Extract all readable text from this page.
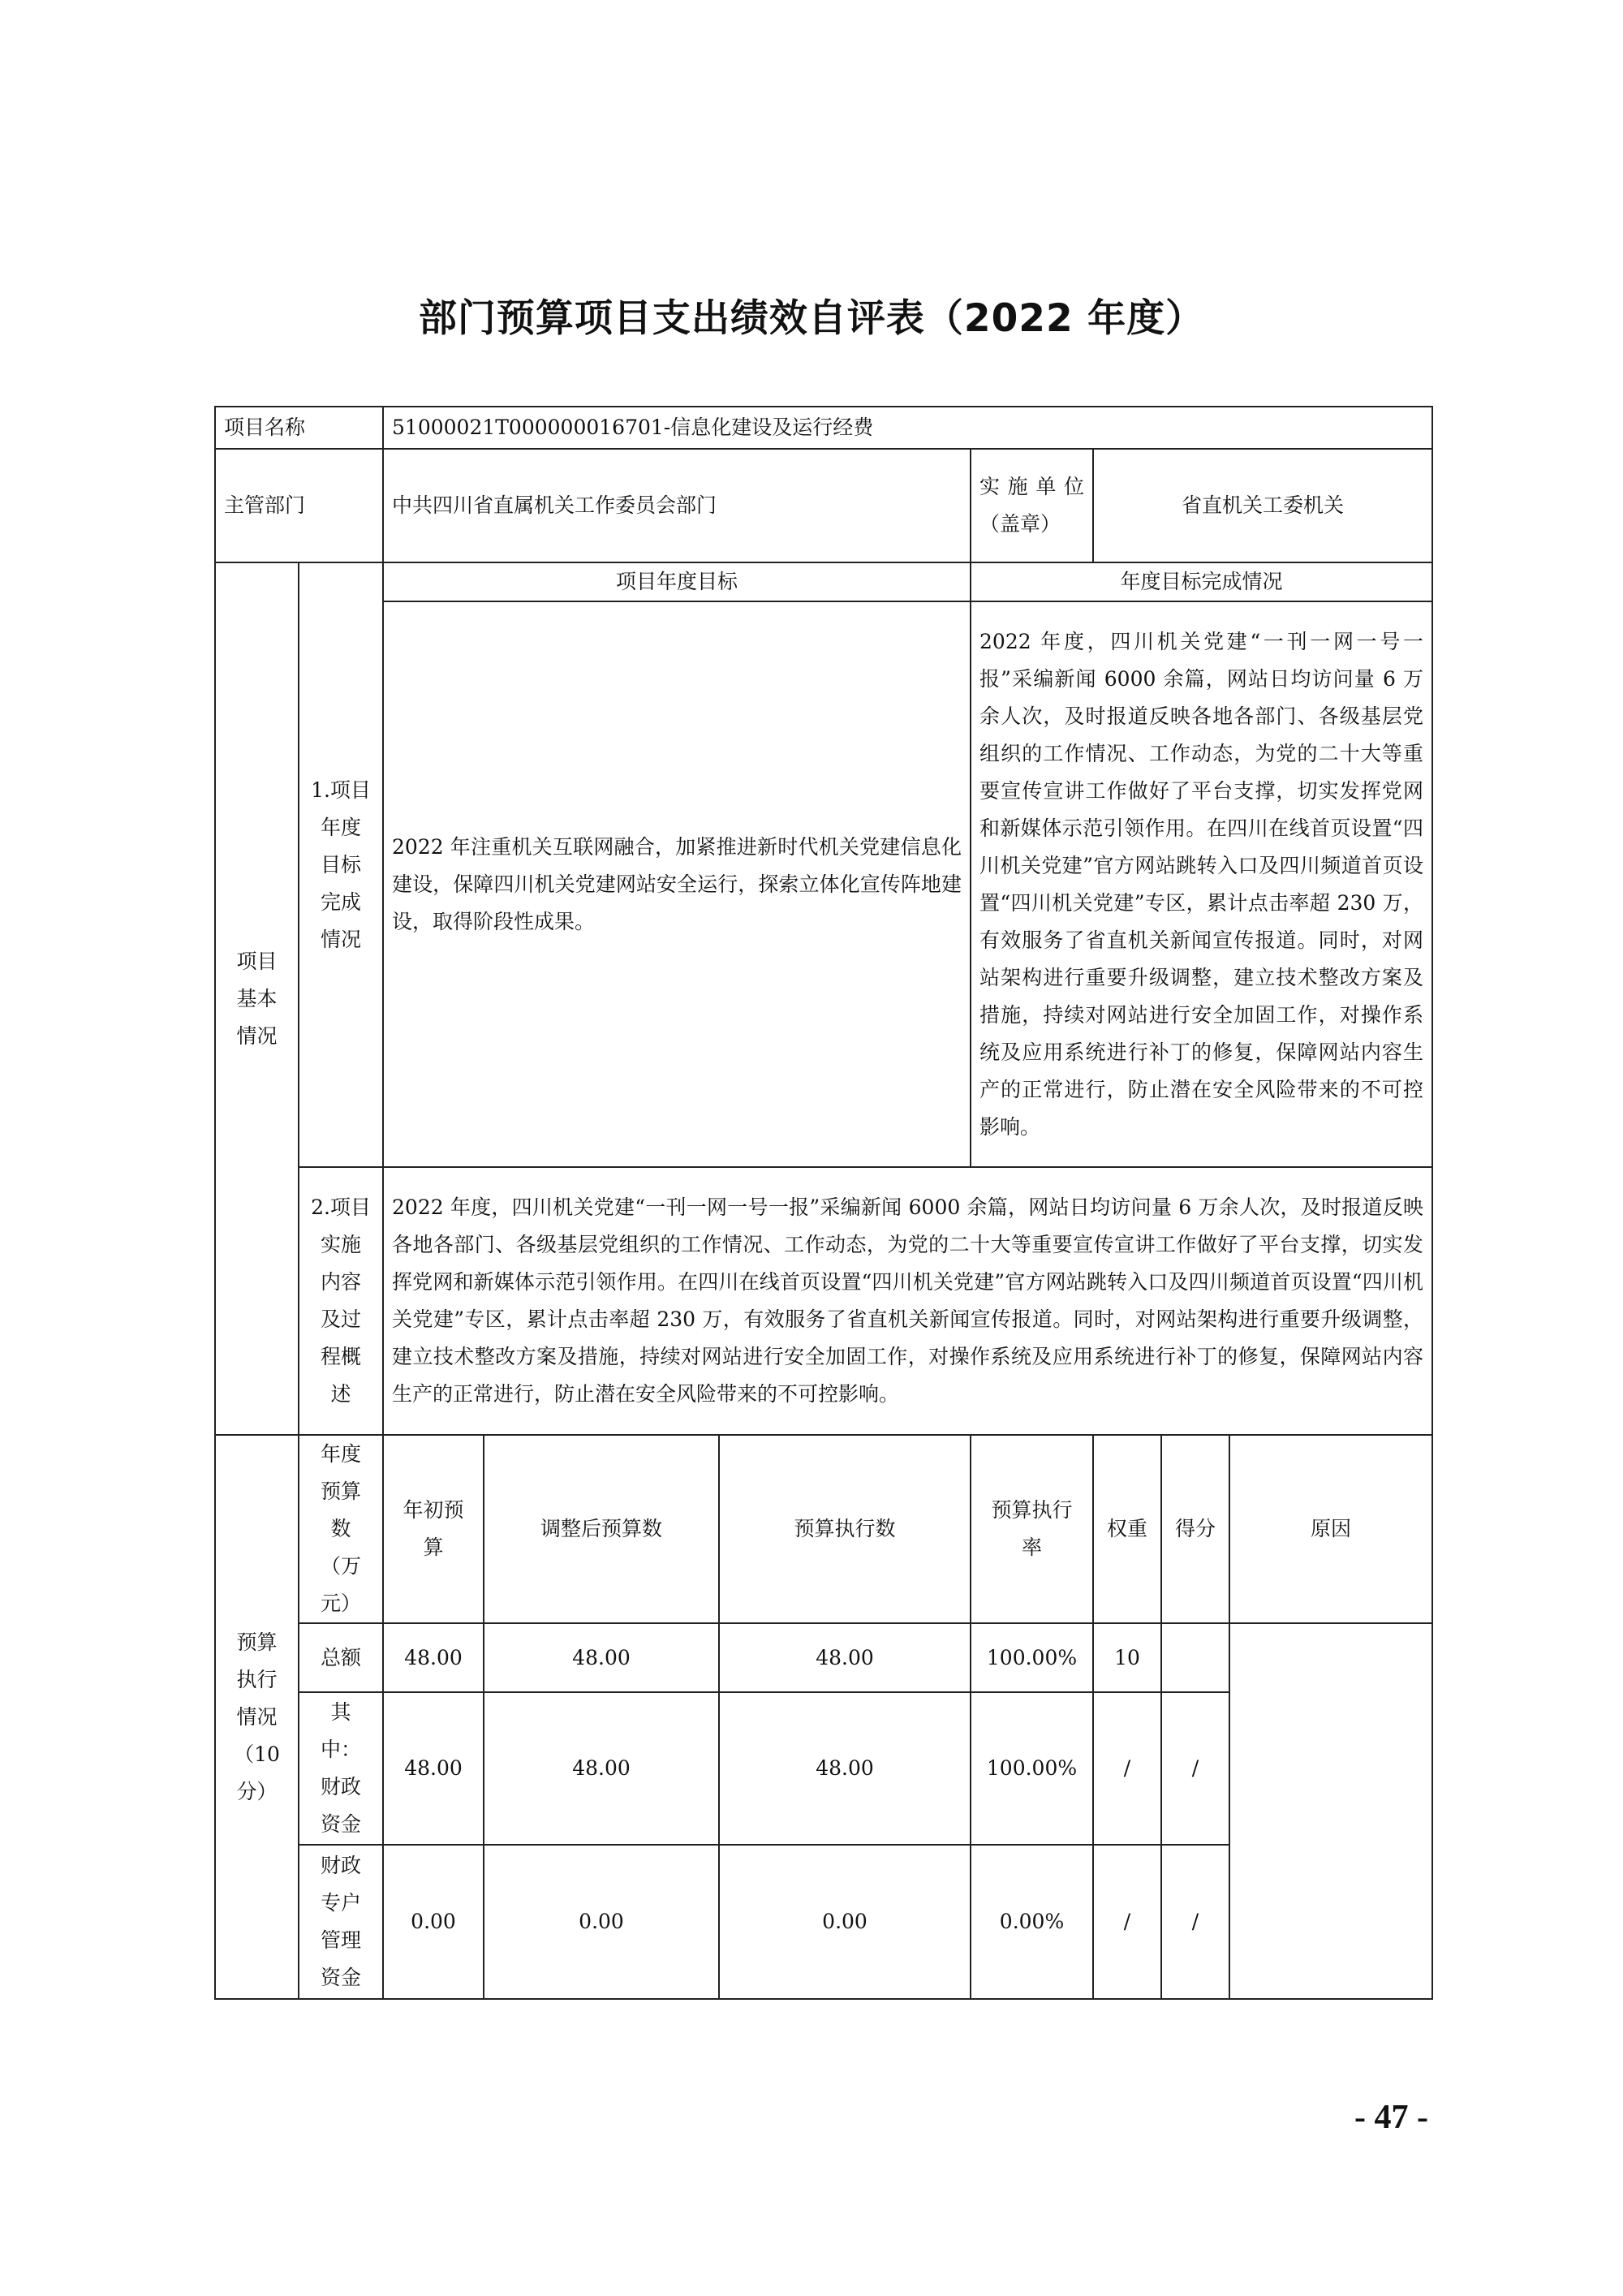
部门预算项目支出绩效自评表（2022 年度）
项目名称		51000021T000000016701-信息化建设及运行经费						
主管部门		中共四川省直属机关工作委员会部门			实施单位（盖章）	省直机关工委机关		
项目基本情况	1.项目年度目标完成情况	项目年度目标			年度目标完成情况			
		2022 年注重机关互联网融合，加紧推进新时代机关党建信息化建设，保障四川机关党建网站安全运行，探索立体化宣传阵地建设，取得阶段性成果。			2022 年度，四川机关党建“一刊一网一号一报”采编新闻 6000 余篇，网站日均访问量 6 万余人次，及时报道反映各地各部门、各级基层党组织的工作情况、工作动态，为党的二十大等重要宣传宣讲工作做好了平台支撑，切实发挥党网和新媒体示范引领作用。在四川在线首页设置“四川机关党建”官方网站跳转入口及四川频道首页设置“四川机关党建”专区，累计点击率超 230 万，有效服务了省直机关新闻宣传报道。同时，对网站架构进行重要升级调整，建立技术整改方案及措施，持续对网站进行安全加固工作，对操作系统及应用系统进行补丁的修复，保障网站内容生产的正常进行，防止潜在安全风险带来的不可控影响。			
	2.项目实施内容及过程概述	2022 年度，四川机关党建“一刊一网一号一报”采编新闻 6000 余篇，网站日均访问量 6 万余人次，及时报道反映各地各部门、各级基层党组织的工作情况、工作动态，为党的二十大等重要宣传宣讲工作做好了平台支撑，切实发挥党网和新媒体示范引领作用。在四川在线首页设置“四川机关党建”官方网站跳转入口及四川频道首页设置“四川机关党建”专区，累计点击率超 230 万，有效服务了省直机关新闻宣传报道。同时，对网站架构进行重要升级调整，建立技术整改方案及措施，持续对网站进行安全加固工作，对操作系统及应用系统进行补丁的修复，保障网站内容生产的正常进行，防止潜在安全风险带来的不可控影响。						
预算执行情况（10分）	年度预算数（万元）	年初预算	调整后预算数	预算执行数	预算执行率	权重	得分	原因
	总额	48.00	48.00	48.00	100.00%	10		
	其中：财政资金	48.00	48.00	48.00	100.00%	/	/	
	财政专户管理资金	0.00	0.00	0.00	0.00%	/	/	
- 47 -
